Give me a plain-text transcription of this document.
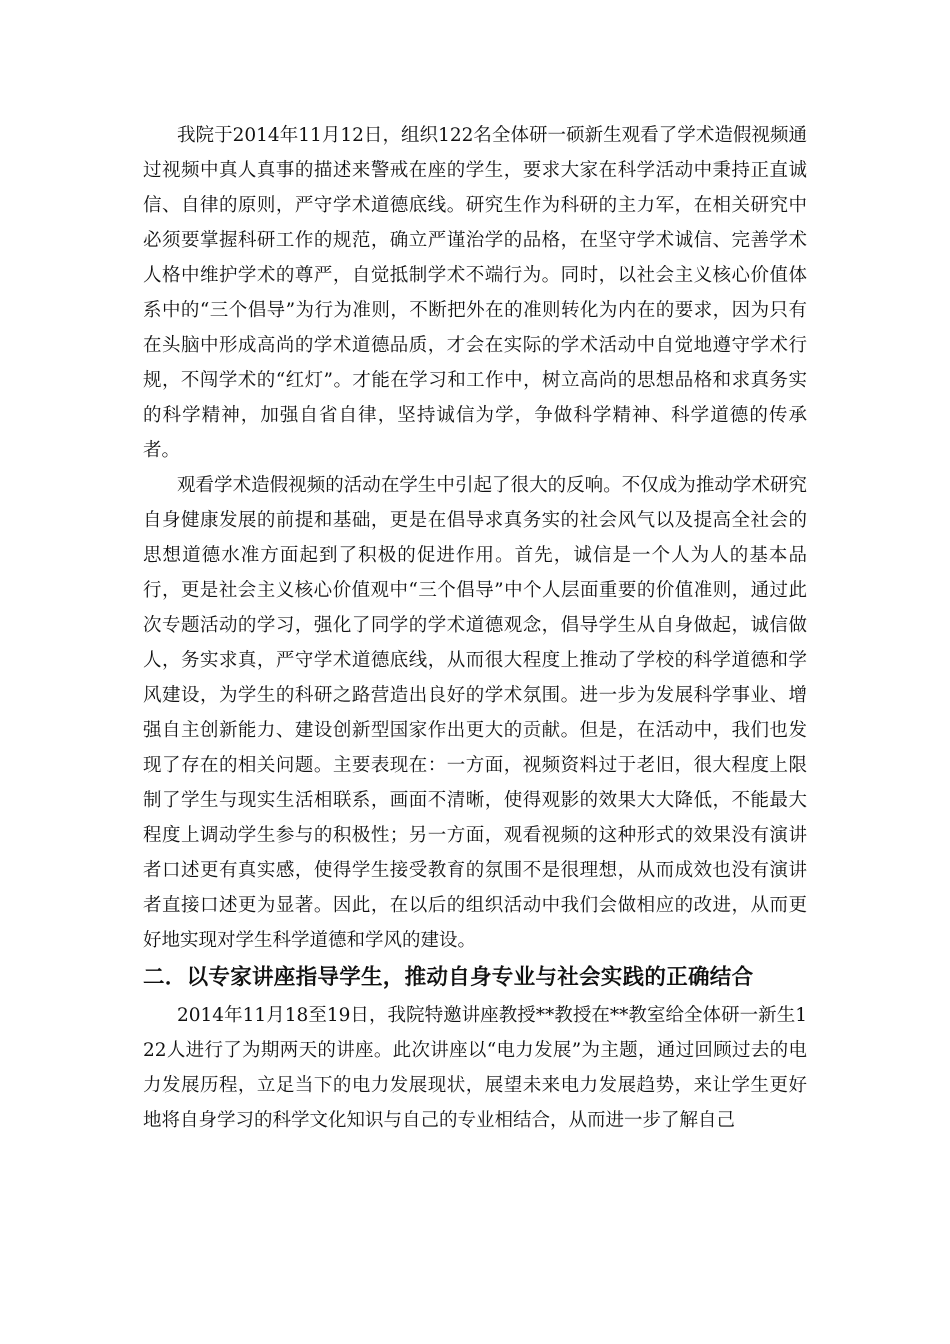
我院于2014年11月12日，组织122名全体研一硕新生观看了学术造假视频通过视频中真人真事的描述来警戒在座的学生，要求大家在科学活动中秉持正直诚信、自律的原则，严守学术道德底线。研究生作为科研的主力军，在相关研究中必须要掌握科研工作的规范，确立严谨治学的品格，在坚守学术诚信、完善学术人格中维护学术的尊严，自觉抵制学术不端行为。同时，以社会主义核心价值体系中的“三个倡导”为行为准则，不断把外在的准则转化为内在的要求，因为只有在头脑中形成高尚的学术道德品质，才会在实际的学术活动中自觉地遵守学术行规，不闯学术的“红灯”。才能在学习和工作中，树立高尚的思想品格和求真务实的科学精神，加强自省自律，坚持诚信为学，争做科学精神、科学道德的传承者。

观看学术造假视频的活动在学生中引起了很大的反响。不仅成为推动学术研究自身健康发展的前提和基础，更是在倡导求真务实的社会风气以及提高全社会的思想道德水准方面起到了积极的促进作用。首先，诚信是一个人为人的基本品行，更是社会主义核心价值观中“三个倡导”中个人层面重要的价值准则，通过此次专题活动的学习，强化了同学的学术道德观念，倡导学生从自身做起，诚信做人，务实求真，严守学术道德底线，从而很大程度上推动了学校的科学道德和学风建设，为学生的科研之路营造出良好的学术氛围。进一步为发展科学事业、增强自主创新能力、建设创新型国家作出更大的贡献。但是，在活动中，我们也发现了存在的相关问题。主要表现在：一方面，视频资料过于老旧，很大程度上限制了学生与现实生活相联系，画面不清晰，使得观影的效果大大降低，不能最大程度上调动学生参与的积极性；另一方面，观看视频的这种形式的效果没有演讲者口述更有真实感，使得学生接受教育的氛围不是很理想，从而成效也没有演讲者直接口述更为显著。因此，在以后的组织活动中我们会做相应的改进，从而更好地实现对学生科学道德和学风的建设。

二．以专家讲座指导学生，推动自身专业与社会实践的正确结合

2014年11月18至19日，我院特邀讲座教授**教授在**教室给全体研一新生122人进行了为期两天的讲座。此次讲座以“电力发展”为主题，通过回顾过去的电力发展历程，立足当下的电力发展现状，展望未来电力发展趋势，来让学生更好地将自身学习的科学文化知识与自己的专业相结合，从而进一步了解自己
